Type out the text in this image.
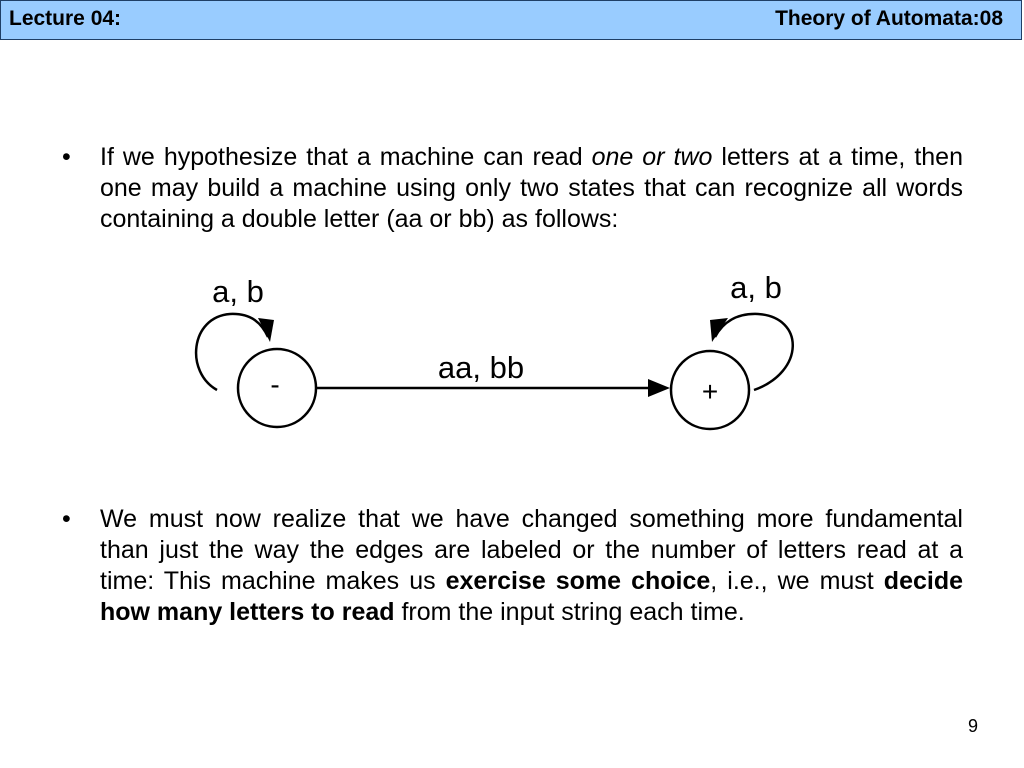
Lecture 04:	Theory of Automata:08
• If we hypothesize that a machine can read one or two letters at a time, then one may build a machine using only two states that can recognize all words containing a double letter (aa or bb) as follows:
-	+
a, b	a, b
aa, bb
• We must now realize that we have changed something more fundamental than just the way the edges are labeled or the number of letters read at a time: This machine makes us exercise some choice, i.e., we must decide how many letters to read from the input string each time.
9
